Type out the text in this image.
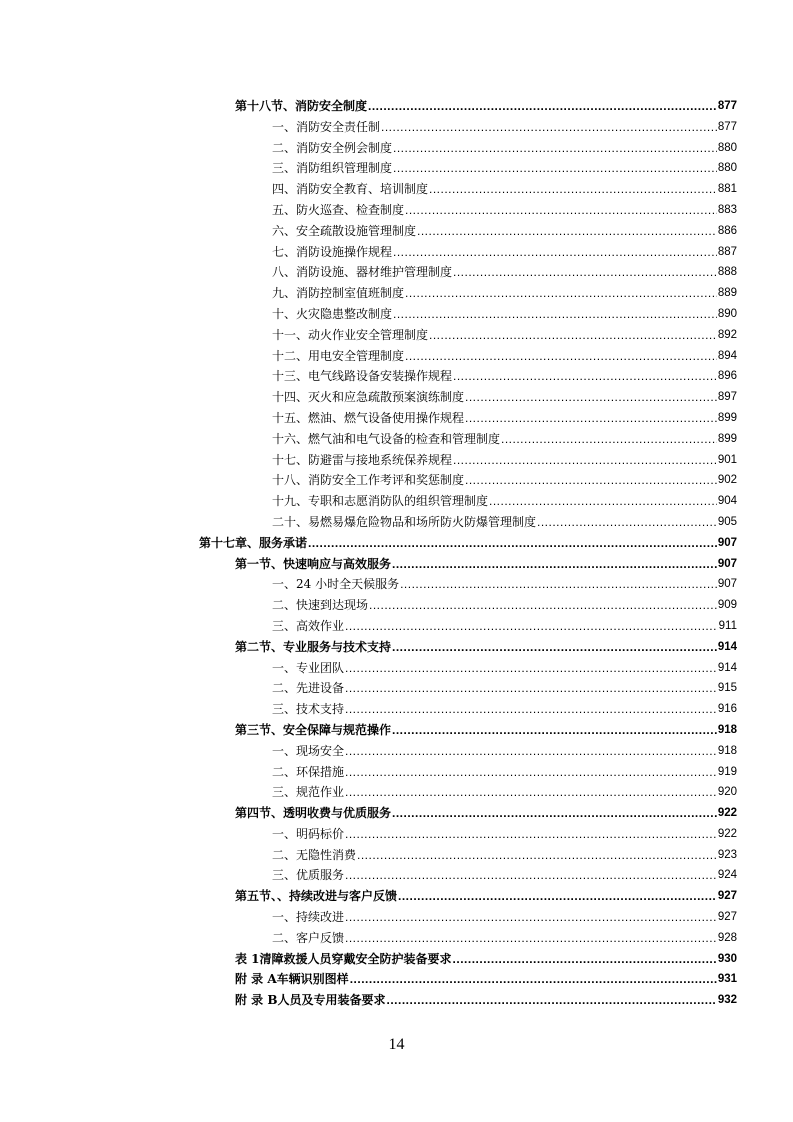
第十八节、消防安全制度 .....	877
一、消防安全责任制 .....	877
二、消防安全例会制度 .....	880
三、消防组织管理制度 .....	880
四、消防安全教育、培训制度 .....	881
五、防火巡查、检查制度 .....	883
六、安全疏散设施管理制度 .....	886
七、消防设施操作规程 .....	887
八、消防设施、器材维护管理制度 .....	888
九、消防控制室值班制度 .....	889
十、火灾隐患整改制度 .....	890
十一、动火作业安全管理制度 .....	892
十二、用电安全管理制度 .....	894
十三、电气线路设备安装操作规程 .....	896
十四、灭火和应急疏散预案演练制度 .....	897
十五、燃油、燃气设备使用操作规程 .....	899
十六、燃气油和电气设备的检查和管理制度 .....	899
十七、防避雷与接地系统保养规程 .....	901
十八、消防安全工作考评和奖惩制度 .....	902
十九、专职和志愿消防队的组织管理制度 .....	904
二十、易燃易爆危险物品和场所防火防爆管理制度 .....	905
第十七章、服务承诺 .....	907
第一节、快速响应与高效服务 .....	907
一、24 小时全天候服务 .....	907
二、快速到达现场 .....	909
三、高效作业 .....	911
第二节、专业服务与技术支持 .....	914
一、专业团队 .....	914
二、先进设备 .....	915
三、技术支持 .....	916
第三节、安全保障与规范操作 .....	918
一、现场安全 .....	918
二、环保措施 .....	919
三、规范作业 .....	920
第四节、透明收费与优质服务 .....	922
一、明码标价 .....	922
二、无隐性消费 .....	923
三、优质服务 .....	924
第五节、、持续改进与客户反馈 .....	927
一、持续改进 .....	927
二、客户反馈 .....	928
表 1 清障救援人员穿戴安全防护装备要求 .....	930
附 录 A 车辆识别图样 .....	931
附 录 B 人员及专用装备要求 .....	932
14
